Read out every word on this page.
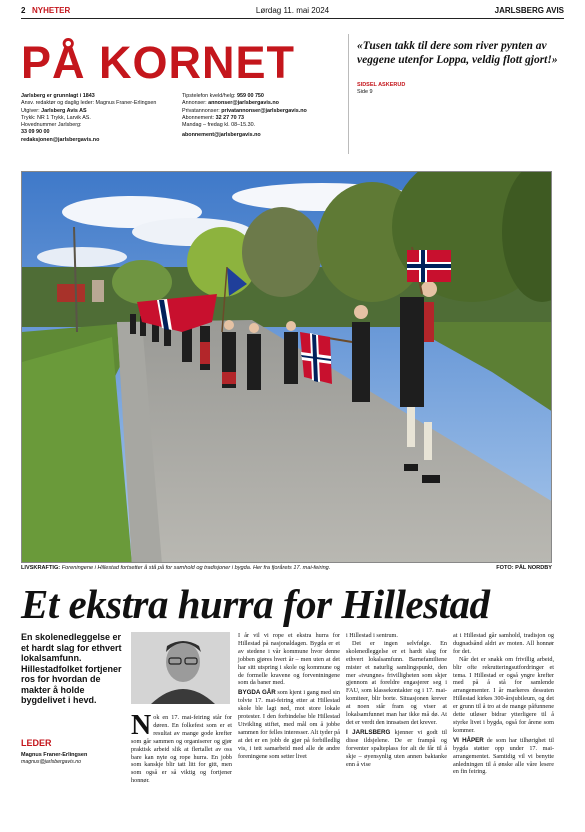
2 NYHETER	Lørdag 11. mai 2024	JARLSBERG AVIS
PÅ KORNET	«Tusen takk til dere som river pynten av veggene utenfor Loppa, veldig flott gjort!»
SIDSEL ASKERUD
Side 9
Jarlsberg er grunnlagt i 1843
Ansv. redaktør og daglig leder: Magnus Franer-Erlingsen
Utgiver: Jarlsberg Avis AS
Trykk: NR 1 Trykk, Larvik AS.
Hovednummer Jarlsberg:
33 09 90 00
redaksjonen@jarlsbergavis.no
Tipstelefon kveld/helg: 959 00 750
Annonser: annonser@jarlsbergavis.no
Privatannonser: privatannonser@jarlsbergavis.no
Abonnement: 32 27 70 73
Mandag – fredag kl. 08–15.30.
abonnement@jarlsbergavis.no
LIVSKRAFTIG: Foreningene i Hillestad fortsetter å stå på for samhold og tradisjoner i bygda. Her fra fjorårets 17. mai-feiring.	FOTO: PÅL NORDBY
Et ekstra hurra for Hillestad
En skolenedleggelse er et hardt slag for ethvert lokalsamfunn. Hillestadfolket fortjener ros for hvordan de makter å holde bygdelivet i hevd.
LEDER
Magnus Franer-Erlingsen
magnus@jarlsbergavis.no
N ok en 17. mai-feiring står for døren. En folkefest som er et resultat av mange gode krefter som går sammen og organiserer og gjør praktisk arbeid slik at flertallet av oss bare kan nyte og rope hurra. En jobb som kanskje blir tatt litt for gitt, men som også er så viktig og fortjener honnør.

I år vil vi rope et ekstra hurra for Hillestad på nasjonaldagen. Bygda er et av stedene i vår kommune hvor denne jobben gjøres hvert år – men uten at det har sitt utspring i skole og kommune og de formelle kravene og forventningene som da baner med.

BYGDA GÅR som kjent i gang med sin tolvte 17. mai-feiring etter at Hillestad skole ble lagt ned, mot store lokale protester. I den forbindelse ble Hillestad Utvikling stiftet, med mål om å jobbe sammen for felles interesser. Alt tyder på at det er en jobb de gjør på forbilledlig vis, i tett samarbeid med alle de andre foreningene som setter livet

i Hillestad i sentrum.

Det er ingen selvfølge. En skolenedleggelse er et hardt slag for ethvert lokalsamfunn. Barnefamiliene mister et naturlig samlingspunkt, den mer «tvungne» frivilligheten som skjer gjennom at foreldre engasjerer seg i FAU, som klassekontakter og i 17. mai-komiteer, blir borte. Situasjonen krever at noen står fram og viser at lokalsamfunnet man har ikke må dø. At det er verdt den innsatsen det krever.

I JARLSBERG kjenner vi godt til disse ildsjelene. De er frampå og forventer spalteplass for alt de får til å skje – øyensynlig uten annen baktanke enn å vise

at i Hillestad går samhold, tradisjon og dugnadsånd aldri av moten. All honnør for det.

Når det er snakk om frivillig arbeid, blir ofte rekrutteringsutfordringer et tema. I Hillestad er også yngre krefter med på å stå for samlende arrangementer. I år markeres dessuten Hillestad kirkes 300-årsjubileum, og det er grunn til å tro at de mange påfunnene dette utløser bidrar ytterligere til å styrke livet i bygda, også for årene som kommer.

VI HÅPER de som har tilhørighet til bygda støtter opp under 17. mai-arrangementet. Samtidig vil vi benytte anledningen til å ønske alle våre lesere en fin feiring.
